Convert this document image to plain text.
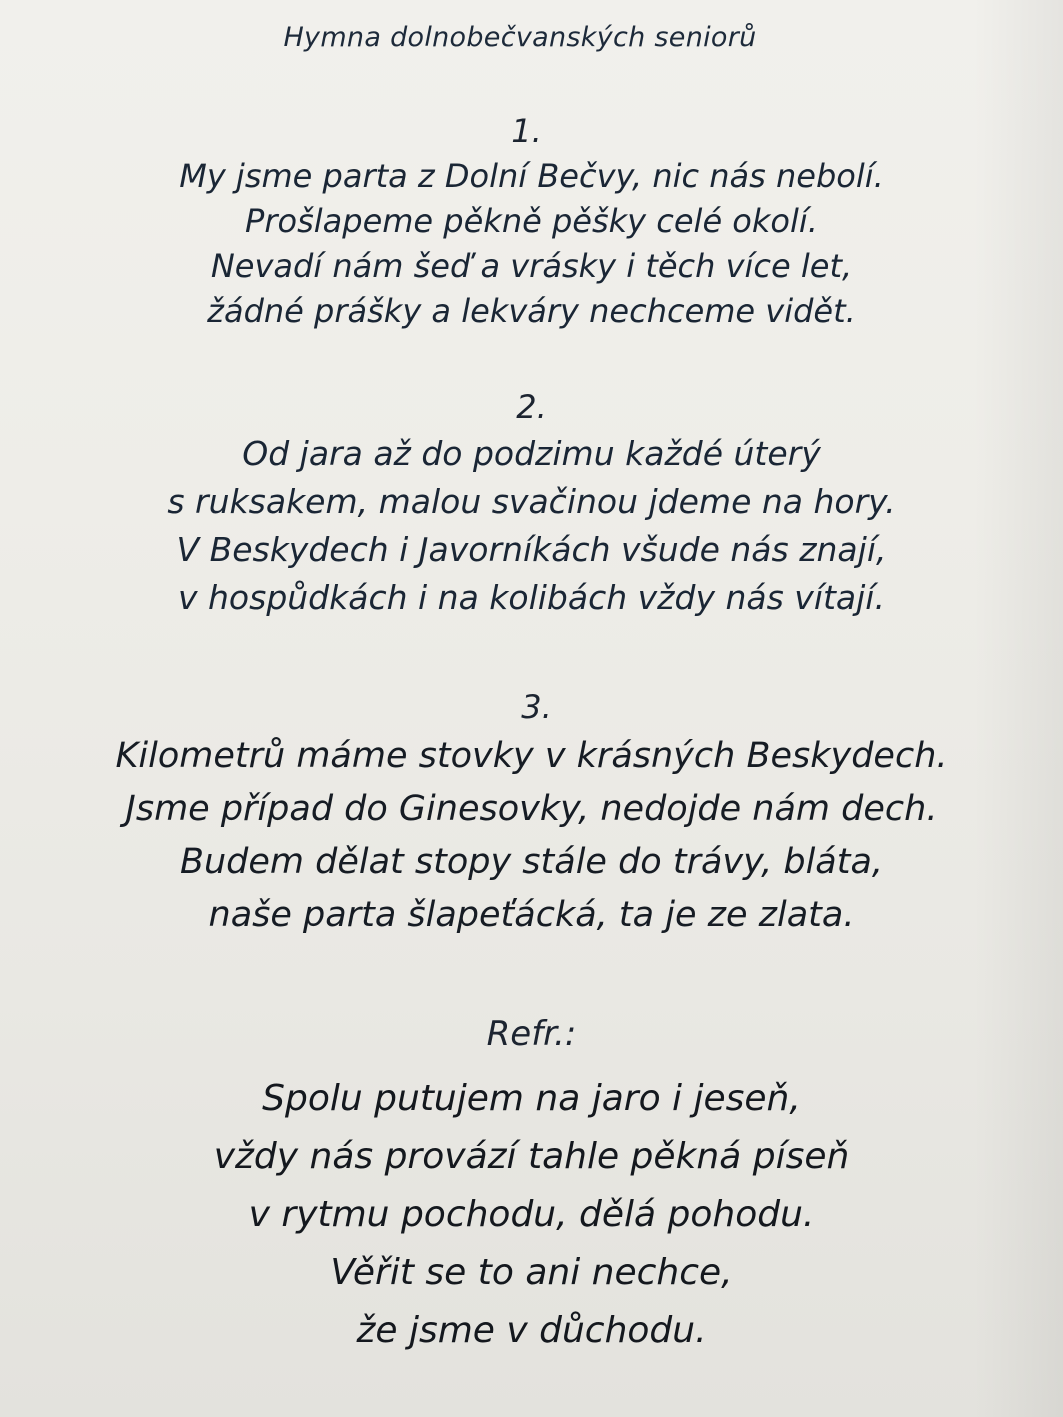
Hymna dolnobečvanských seniorů
1.
My jsme parta z Dolní Bečvy, nic nás nebolí.
Prošlapeme pěkně pěšky celé okolí.
Nevadí nám šeď a vrásky i těch více let,
žádné prášky a lekváry nechceme vidět.
2.
Od jara až do podzimu každé úterý
s ruksakem, malou svačinou jdeme na hory.
V Beskydech i Javorníkách všude nás znají,
v hospůdkách i na kolibách vždy nás vítají.
3.
Kilometrů máme stovky v krásných Beskydech.
Jsme případ do Ginesovky, nedojde nám dech.
Budem dělat stopy stále do trávy, bláta,
naše parta šlapeťácká, ta je ze zlata.
Refr.:
Spolu putujem na jaro i jeseň,
vždy nás provází tahle pěkná píseň
v rytmu pochodu, dělá pohodu.
Věřit se to ani nechce,
že jsme v důchodu.
